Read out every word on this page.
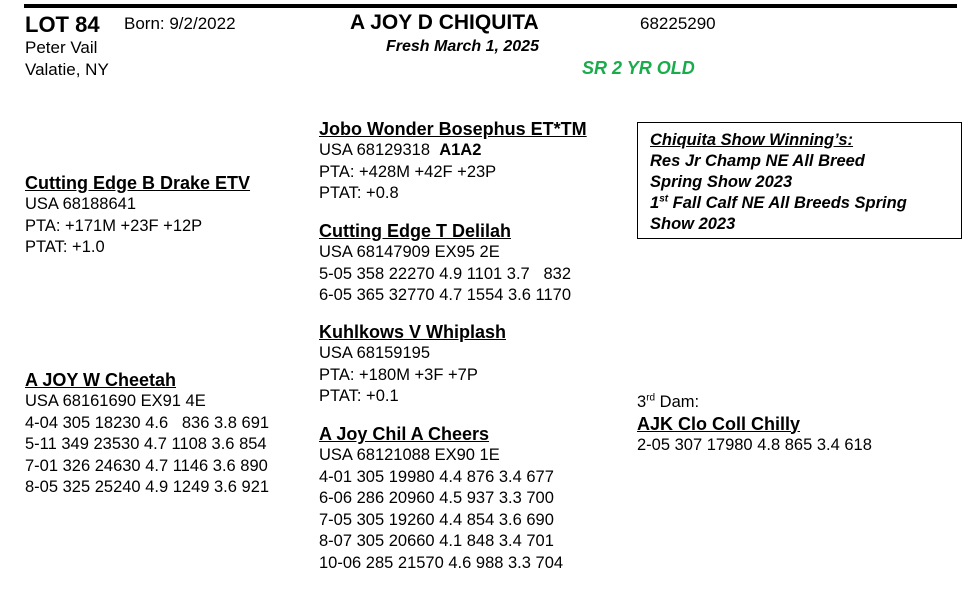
LOT 84 Born: 9/2/2022	A JOY D CHIQUITA	68225290
Peter Vail
Valatie, NY
Fresh March 1, 2025
SR 2 YR OLD
Chiquita Show Winning’s:
Res Jr Champ NE All Breed
Spring Show 2023
1st Fall Calf NE All Breeds Spring
Show 2023
Cutting Edge B Drake ETV
USA 68188641
PTA: +171M +23F +12P
PTAT: +1.0
Jobo Wonder Bosephus ET*TM
USA 68129318 A1A2
PTA: +428M +42F +23P
PTAT: +0.8
Cutting Edge T Delilah
USA 68147909 EX95 2E
5-05 358 22270 4.9 1101 3.7   832
6-05 365 32770 4.7 1554 3.6 1170
Kuhlkows V Whiplash
USA 68159195
PTA: +180M +3F +7P
PTAT: +0.1
A JOY W Cheetah
USA 68161690 EX91 4E
4-04 305 18230 4.6   836 3.8 691
5-11 349 23530 4.7 1108 3.6 854
7-01 326 24630 4.7 1146 3.6 890
8-05 325 25240 4.9 1249 3.6 921
A Joy Chil A Cheers
USA 68121088 EX90 1E
4-01 305 19980 4.4 876 3.4 677
6-06 286 20960 4.5 937 3.3 700
7-05 305 19260 4.4 854 3.6 690
8-07 305 20660 4.1 848 3.4 701
10-06 285 21570 4.6 988 3.3 704
3rd Dam:
AJK Clo Coll Chilly
2-05 307 17980 4.8 865 3.4 618
